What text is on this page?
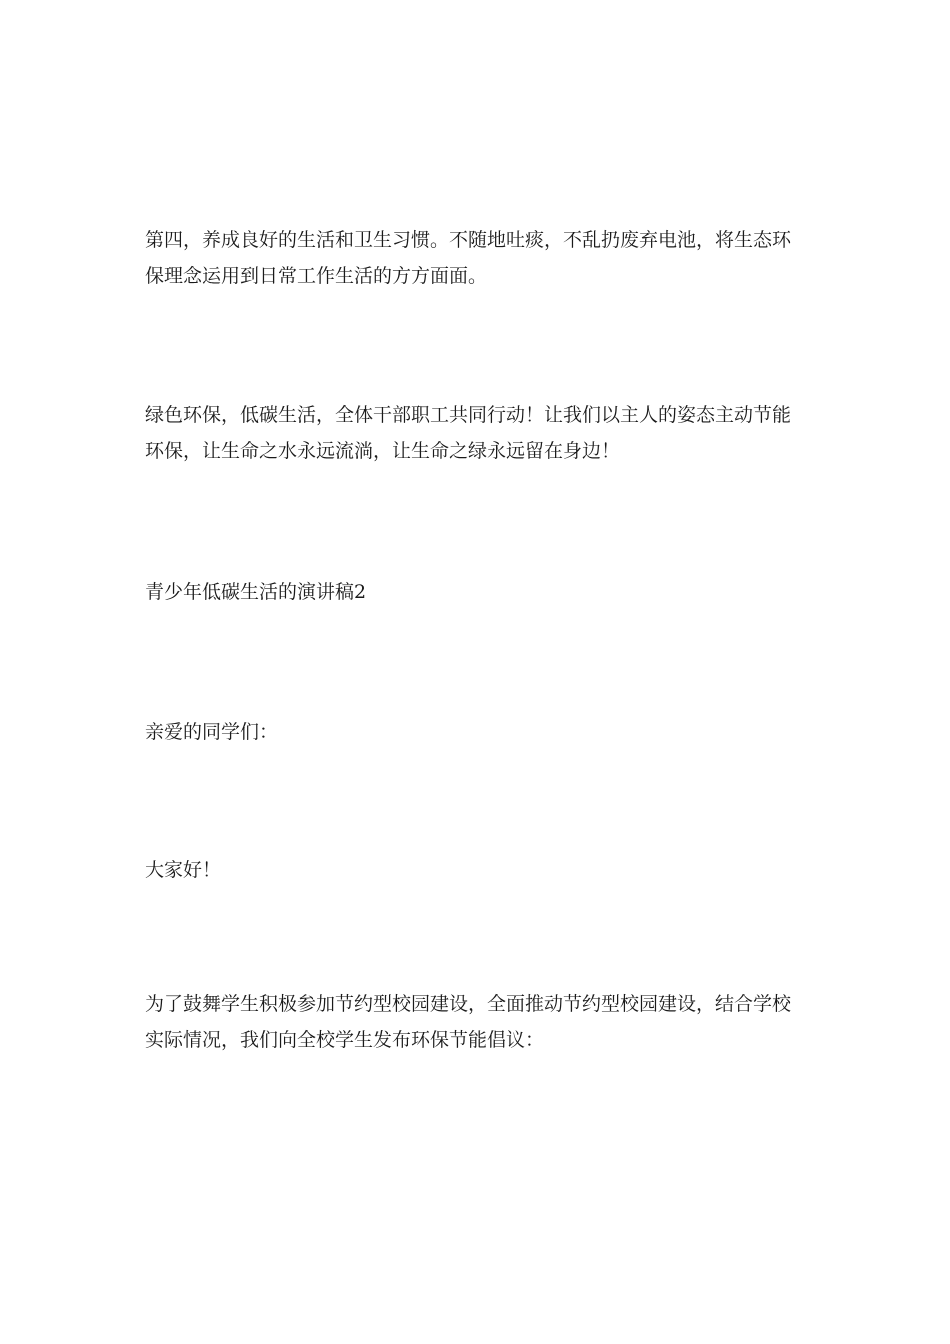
第四，养成良好的生活和卫生习惯。不随地吐痰，不乱扔废弃电池，将生态环保理念运用到日常工作生活的方方面面。

绿色环保，低碳生活，全体干部职工共同行动！让我们以主人的姿态主动节能环保，让生命之水永远流淌，让生命之绿永远留在身边！

青少年低碳生活的演讲稿2

亲爱的同学们：

大家好！

为了鼓舞学生积极参加节约型校园建设，全面推动节约型校园建设，结合学校实际情况，我们向全校学生发布环保节能倡议：
